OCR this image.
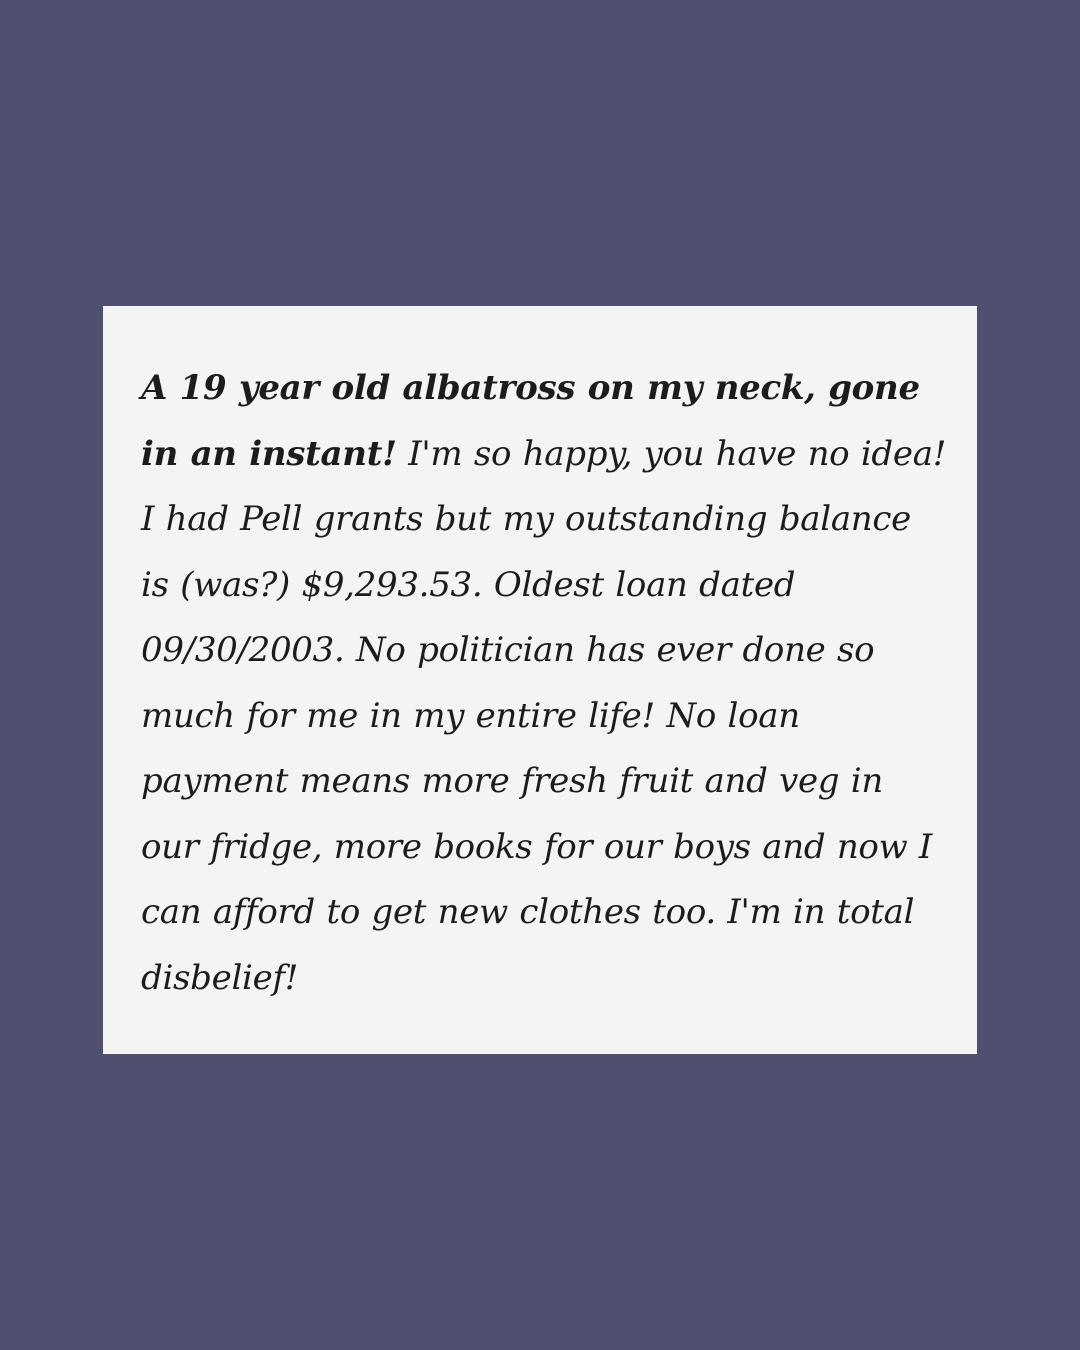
A 19 year old albatross on my neck, gone in an instant! I'm so happy, you have no idea! I had Pell grants but my outstanding balance is (was?) $9,293.53. Oldest loan dated 09/30/2003. No politician has ever done so much for me in my entire life! No loan payment means more fresh fruit and veg in our fridge, more books for our boys and now I can afford to get new clothes too. I'm in total disbelief!
